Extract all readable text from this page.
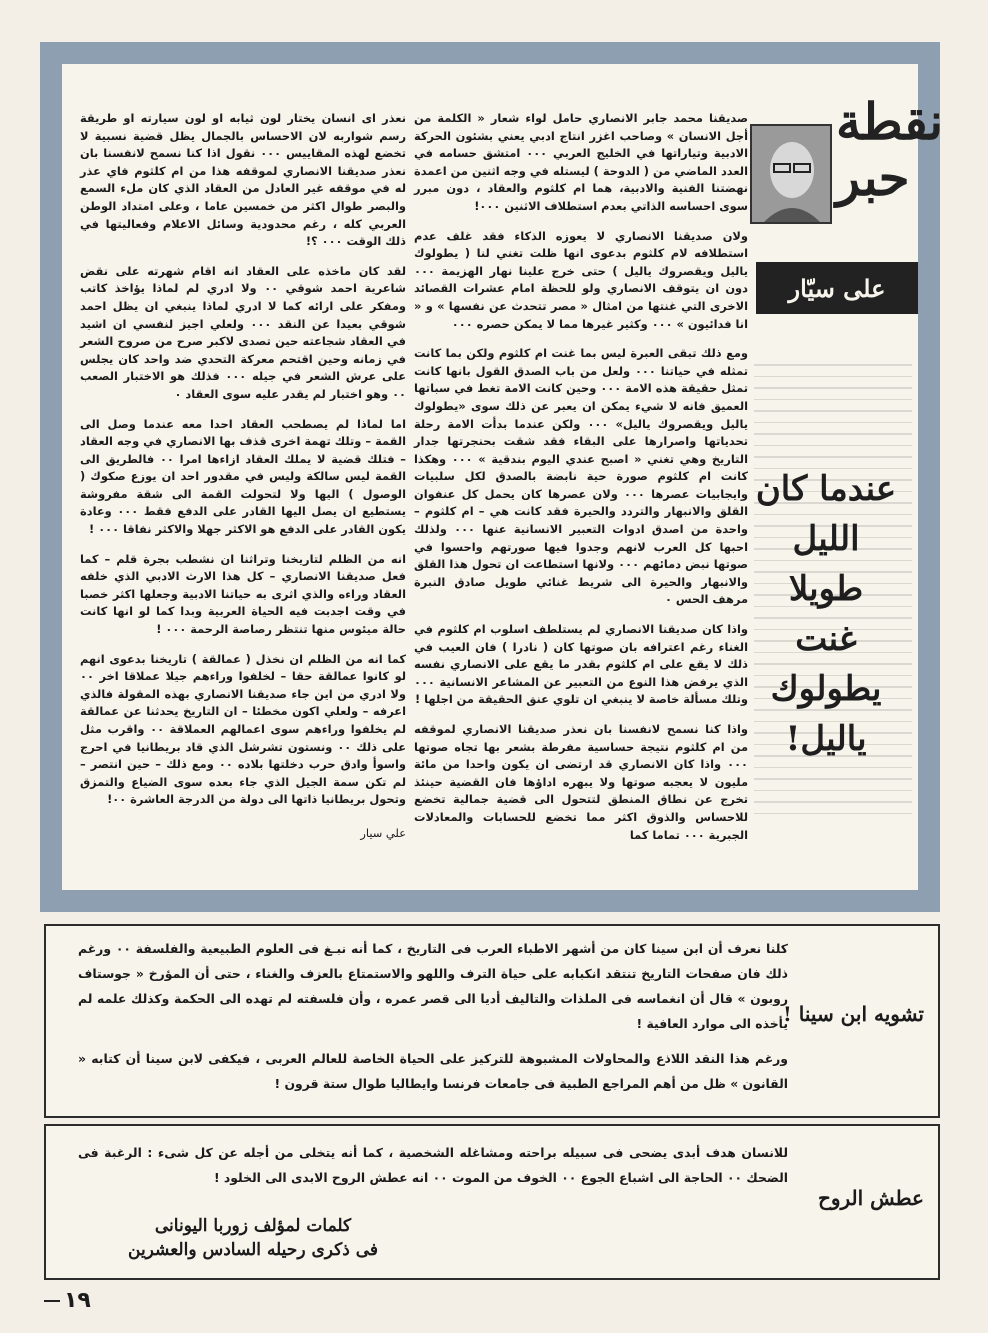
نعذر اى انسان يختار لون ثيابه او لون سيارته او طريقة رسم شواربه لان الاحساس بالجمال يظل قضية نسبية لا تخضع لهذه المقاييس ٠٠٠ نقول اذا كنا نسمح لانفسنا بان نعذر صديقنا الانصاري لموقفه هذا من ام كلثوم فاي عذر له في موقفه غير العادل من العقاد الذي كان ملء السمع والبصر طوال اكثر من خمسين عاما ، وعلى امتداد الوطن العربي كله ، رغم محدودية وسائل الاعلام وفعاليتها في ذلك الوقت ٠٠٠ ؟!

لقد كان ماخذه على العقاد انه اقام شهرته على نقض شاعرية احمد شوقي ٠٠ ولا ادري لم لماذا يؤاخذ كاتب ومفكر على ارائه كما لا ادري لماذا ينبغي ان يظل احمد شوقي بعيدا عن النقد ٠٠٠ ولعلي اجيز لنفسي ان اشيد في العقاد شجاعته حين تصدى لاكبر صرح من صروح الشعر في زمانه وحين اقتحم معركة التحدي ضد واحد كان يجلس على عرش الشعر في جيله ٠٠٠ فذلك هو الاختبار الصعب ٠٠ وهو اختبار لم يقدر عليه سوى العقاد ٠

اما لماذا لم يصطحب العقاد احدا معه عندما وصل الى القمة – وتلك تهمة اخرى قذف بها الانصاري في وجه العقاد – فتلك قضية لا يملك العقاد ازاءها امرا ٠٠ فالطريق الى القمة ليس سالكة وليس في مقدور احد ان يوزع صكوك ( الوصول ) اليها ولا لتحولت القمة الى شقة مفروشة يستطيع ان يصل اليها القادر على الدفع فقط ٠٠٠ وعادة يكون القادر على الدفع هو الاكثر جهلا والاكثر نفاقا ٠٠٠ !

انه من الظلم لتاريخنا وتراثنا ان نشطب بجرة قلم – كما فعل صديقنا الانصاري – كل هذا الارث الادبي الذي خلفه العقاد وراءه والذي اثرى به حياتنا الادبية وجعلها اكثر خصبا في وقت اجدبت فيه الحياة العربية وبدا كما لو انها كانت حالة ميئوس منها تنتظر رصاصة الرحمة ٠٠٠ !

كما انه من الظلم ان نخذل ( عمالقة ) تاريخنا بدعوى انهم لو كانوا عمالقة حقا – لخلفوا وراءهم جيلا عملاقا اخر ٠٠ ولا ادري من اين جاء صديقنا الانصاري بهذه المقولة فالذي اعرفه – ولعلي اكون مخطئا – ان التاريخ يحدثنا عن عمالقة لم يخلفوا وراءهم سوى اعمالهم العملاقة ٠٠ واقرب مثل على ذلك ٠٠ ونستون تشرشل الذي قاد بريطانيا في احرج واسوأ وادق حرب دخلتها بلاده ٠٠ ومع ذلك – حين انتصر – لم تكن سمة الجيل الذي جاء بعده سوى الضياع والتمزق وتحول بريطانيا ذاتها الى دولة من الدرجة العاشرة ٠٠!

علي سيار

صديقنا محمد جابر الانصاري حامل لواء شعار « الكلمة من أجل الانسان » وصاحب اغزر انتاج ادبي يعني بشئون الحركة الادبية وتياراتها في الخليج العربي ٠٠٠ امتشق حسامه في العدد الماضي من ( الدوحة ) ليستله في وجه اثنين من اعمدة نهضتنا الفنية والادبية، هما ام كلثوم والعقاد ، دون مبرر سوى احساسه الذاتي بعدم استطلاف الاثنين ٠٠٠!

ولان صديقنا الانصاري لا يعوزه الذكاء فقد غلف عدم استطلافه لام كلثوم بدعوى انها ظلت تغني لنا ( يطولوك ياليل ويقصروك ياليل ) حتى خرج علينا نهار الهزيمة ٠٠٠ دون ان يتوقف الانصاري ولو للحظة امام عشرات القصائد الاخرى التي غنتها من امثال « مصر تتحدث عن نفسها » و « انا فدائيون » ٠٠٠ وكثير غيرها مما لا يمكن حصره ٠٠٠

ومع ذلك تبقى العبرة ليس بما غنت ام كلثوم ولكن بما كانت تمثله في حياتنا ٠٠٠ ولعل من باب الصدق القول بانها كانت تمثل حقيقة هذه الامة ٠٠٠ وحين كانت الامة تغط في سباتها العميق فانه لا شيء يمكن ان يعبر عن ذلك سوى «يطولوك ياليل ويقصروك ياليل» ٠٠٠ ولكن عندما بدأت الامة رحلة تحدياتها واصرارها على البقاء فقد شقت بحنجرتها جدار التاريخ وهي تغني « اصبح عندي اليوم بندقية » ٠٠٠ وهكذا كانت ام كلثوم صورة حية نابضة بالصدق لكل سلبيات وايجابيات عصرها ٠٠٠ ولان عصرها كان يحمل كل عنفوان القلق والانبهار والتردد والحيرة فقد كانت هي – ام كلثوم – واحدة من اصدق ادوات التعبير الانسانية عنها ٠٠٠ ولذلك احبها كل العرب لانهم وجدوا فيها صورتهم واحسوا في صوتها نبض دمائهم ٠٠٠ ولانها استطاعت ان تحول هذا القلق والانبهار والحيرة الى شريط غنائي طويل صادق النبرة مرهف الحس ٠

واذا كان صديقنا الانصاري لم يستلطف اسلوب ام كلثوم في الغناء رغم اعترافه بان صوتها كان ( نادرا ) فان العيب في ذلك لا يقع على ام كلثوم بقدر ما يقع على الانصاري نفسه الذي يرفض هذا النوع من التعبير عن المشاعر الانسانية ٠٠٠ وتلك مسألة خاصة لا ينبغي ان تلوي عنق الحقيقة من اجلها !

واذا كنا نسمح لانفسنا بان نعذر صديقنا الانصاري لموقفه من ام كلثوم نتيجة حساسية مفرطة بشعر بها تجاه صوتها ٠٠٠ واذا كان الانصاري قد ارتضى ان يكون واحدا من مائة مليون لا يعجبه صوتها ولا يبهره اداؤها فان القضية حينئذ تخرج عن نطاق المنطق لتتحول الى قضية جمالية تخضع للاحساس والذوق اكثر مما تخضع للحسابات والمعادلات الجبرية ٠٠٠ تماما كما

نقطة
حبر
على سيّار
عندما كان
الليل
طويلا
غنت
يطولوك
ياليل!
تشويه ابن سينا !

كلنا نعرف أن ابن سينا كان من أشهر الاطباء العرب فى التاريخ ، كما أنه نبـغ فى العلوم الطبيعية والفلسفة ٠٠ ورغم ذلك فان صفحات التاريخ تنتقد انكبابه على حياة الترف واللهو والاستمتاع بالعزف والغناء ، حتى أن المؤرخ « جوستاف روبون » قال أن انغماسه فى الملذات والتاليف أديا الى قصر عمره ، وأن فلسفته لم تهده الى الحكمة وكذلك علمه لم يأخذه الى موارد العافية !

ورغم هذا النقد اللاذع والمحاولات المشبوهة للتركيز على الحياة الخاصة للعالم العربى ، فيكفى لابن سينا أن كتابه « القانون » ظل من أهم المراجع الطبية فى جامعات فرنسا وايطاليا طوال ستة قرون !

عطش الروح

للانسان هدف أبدى يضحى فى سبيله براحته ومشاغله الشخصية ، كما أنه يتخلى من أجله عن كل شىء : الرغبة فى الضحك ٠٠ الحاجة الى اشباع الجوع ٠٠ الخوف من الموت ٠٠ انه عطش الروح الابدى الى الخلود !

كلمات لمؤلف زوربا اليونانى
فى ذكرى رحيله السادس والعشرين
١٩
